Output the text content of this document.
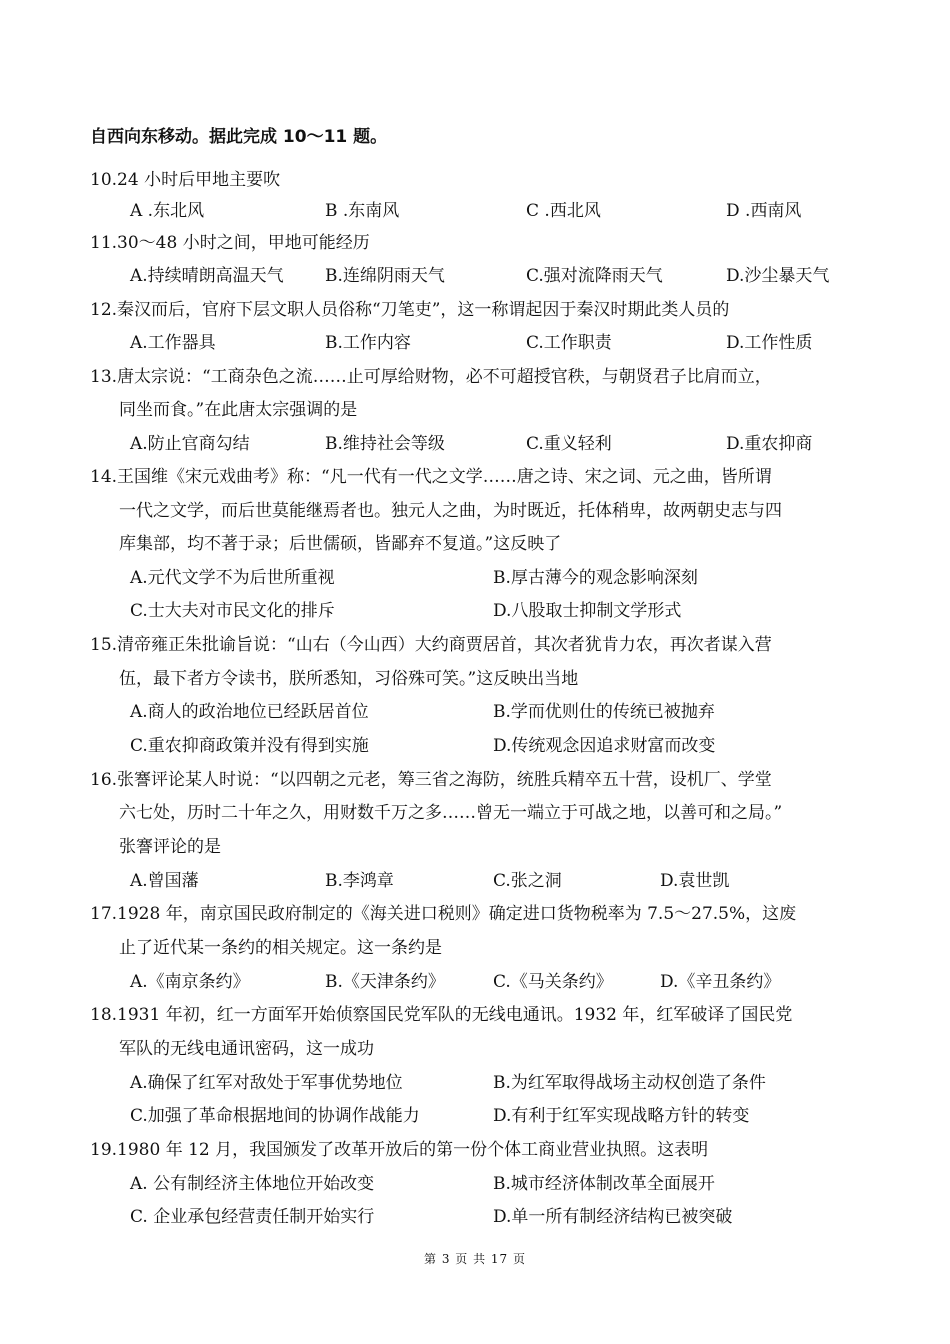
自西向东移动。据此完成 10～11 题。
10.24 小时后甲地主要吹
A .东北风	B .东南风	C .西北风	D .西南风
11.30～48 小时之间，甲地可能经历
A.持续晴朗高温天气 B.连绵阴雨天气	C.强对流降雨天气	D.沙尘暴天气
12.秦汉而后，官府下层文职人员俗称“刀笔吏”，这一称谓起因于秦汉时期此类人员的
A.工作器具	B.工作内容	C.工作职责	D.工作性质
13.唐太宗说：“工商杂色之流……止可厚给财物，必不可超授官秩，与朝贤君子比肩而立，
同坐而食。”在此唐太宗强调的是
A.防止官商勾结	B.维持社会等级	C.重义轻利	D.重农抑商
14.王国维《宋元戏曲考》称：“凡一代有一代之文学……唐之诗、宋之词、元之曲，皆所谓
一代之文学，而后世莫能继焉者也。独元人之曲，为时既近，托体稍卑，故两朝史志与四
库集部，均不著于录；后世儒硕，皆鄙弃不复道。”这反映了
A.元代文学不为后世所重视	B.厚古薄今的观念影响深刻
C.士大夫对市民文化的排斥	D.八股取士抑制文学形式
15.清帝雍正朱批谕旨说：“山右（今山西）大约商贾居首，其次者犹肯力农，再次者谋入营
伍，最下者方令读书，朕所悉知，习俗殊可笑。”这反映出当地
A.商人的政治地位已经跃居首位	B.学而优则仕的传统已被抛弃
C.重农抑商政策并没有得到实施	D.传统观念因追求财富而改变
16.张謇评论某人时说：“以四朝之元老，筹三省之海防，统胜兵精卒五十营，设机厂、学堂
六七处，历时二十年之久，用财数千万之多……曾无一端立于可战之地，以善可和之局。”
张謇评论的是
A.曾国藩	B.李鸿章	C.张之洞	D.袁世凯
17.1928 年，南京国民政府制定的《海关进口税则》确定进口货物税率为 7.5～27.5%，这废
止了近代某一条约的相关规定。这一条约是
A.《南京条约》	B.《天津条约》	C.《马关条约》	D.《辛丑条约》
18.1931 年初，红一方面军开始侦察国民党军队的无线电通讯。1932 年，红军破译了国民党
军队的无线电通讯密码，这一成功
A.确保了红军对敌处于军事优势地位	B.为红军取得战场主动权创造了条件
C.加强了革命根据地间的协调作战能力	D.有利于红军实现战略方针的转变
19.1980 年 12 月，我国颁发了改革开放后的第一份个体工商业营业执照。这表明
A. 公有制经济主体地位开始改变	B.城市经济体制改革全面展开
C. 企业承包经营责任制开始实行	D.单一所有制经济结构已被突破
第 3 页 共 17 页
